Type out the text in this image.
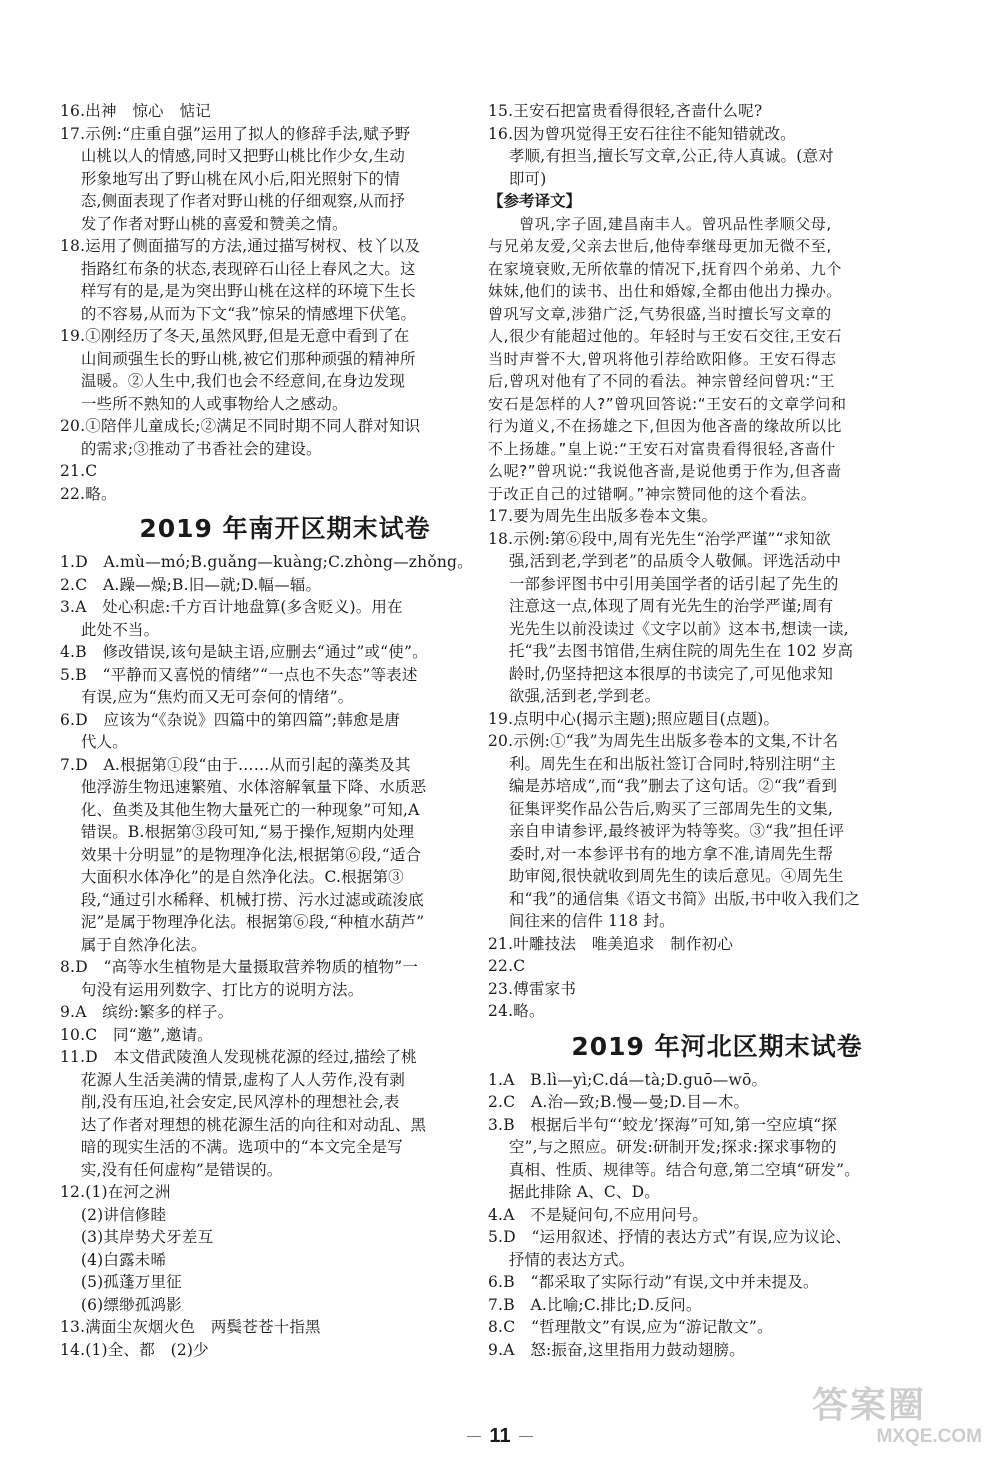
16.出神　惊心　惦记
17.示例:“庄重自强”运用了拟人的修辞手法,赋予野
　 山桃以人的情感,同时又把野山桃比作少女,生动
　 形象地写出了野山桃在风小后,阳光照射下的情
　 态,侧面表现了作者对野山桃的仔细观察,从而抒
　 发了作者对野山桃的喜爱和赞美之情。
18.运用了侧面描写的方法,通过描写树杈、枝丫以及
　 指路红布条的状态,表现碎石山径上春风之大。这
　 样写有的是,是为突出野山桃在这样的环境下生长
　 的不容易,从而为下文“我”惊呆的情感埋下伏笔。
19.①刚经历了冬天,虽然风野,但是无意中看到了在
　 山间顽强生长的野山桃,被它们那种顽强的精神所
　 温暖。②人生中,我们也会不经意间,在身边发现
　 一些所不熟知的人或事物给人之感动。
20.①陪伴儿童成长;②满足不同时期不同人群对知识
　 的需求;③推动了书香社会的建设。
21.C
22.略。
2019 年南开区期末试卷
1.D　A.mù—mó;B.guǎng—kuàng;C.zhòng—zhǒng。
2.C　A.躁—燥;B.旧—就;D.幅—辐。
3.A　处心积虑:千方百计地盘算(多含贬义)。用在
　 此处不当。
4.B　修改错误,该句是缺主语,应删去“通过”或“使”。
5.B　“平静而又喜悦的情绪”“一点也不失态”等表述
　 有误,应为“焦灼而又无可奈何的情绪”。
6.D　应该为“《杂说》四篇中的第四篇”;韩愈是唐
　 代人。
7.D　A.根据第①段“由于……从而引起的藻类及其
　 他浮游生物迅速繁殖、水体溶解氧量下降、水质恶
　 化、鱼类及其他生物大量死亡的一种现象”可知,A
　 错误。B.根据第③段可知,“易于操作,短期内处理
　 效果十分明显”的是物理净化法,根据第⑥段,“适合
　 大面积水体净化”的是自然净化法。C.根据第③
　 段,“通过引水稀释、机械打捞、污水过滤或疏浚底
　 泥”是属于物理净化法。根据第⑥段,“种植水葫芦”
　 属于自然净化法。
8.D　“高等水生植物是大量摄取营养物质的植物”一
　 句没有运用列数字、打比方的说明方法。
9.A　缤纷:繁多的样子。
10.C　同“邀”,邀请。
11.D　本文借武陵渔人发现桃花源的经过,描绘了桃
　 花源人生活美满的情景,虚构了人人劳作,没有剥
　 削,没有压迫,社会安定,民风淳朴的理想社会,表
　 达了作者对理想的桃花源生活的向往和对动乱、黑
　 暗的现实生活的不满。选项中的“本文完全是写
　 实,没有任何虚构”是错误的。
12.(1)在河之洲
　 (2)讲信修睦
　 (3)其岸势犬牙差互
　 (4)白露未晞
　 (5)孤蓬万里征
　 (6)缥缈孤鸿影
13.满面尘灰烟火色　两鬓苍苍十指黑
14.(1)全、都　(2)少
15.王安石把富贵看得很轻,吝啬什么呢?
16.因为曾巩觉得王安石往往不能知错就改。
　 孝顺,有担当,擅长写文章,公正,待人真诚。(意对
　 即可)
【参考译文】
　　曾巩,字子固,建昌南丰人。曾巩品性孝顺父母,
与兄弟友爱,父亲去世后,他侍奉继母更加无微不至,
在家境衰败,无所依靠的情况下,抚育四个弟弟、九个
妹妹,他们的读书、出仕和婚嫁,全都由他出力操办。
曾巩写文章,涉猎广泛,气势很盛,当时擅长写文章的
人,很少有能超过他的。年轻时与王安石交往,王安石
当时声誉不大,曾巩将他引荐给欧阳修。王安石得志
后,曾巩对他有了不同的看法。神宗曾经问曾巩:“王
安石是怎样的人?”曾巩回答说:“王安石的文章学问和
行为道义,不在扬雄之下,但因为他吝啬的缘故所以比
不上扬雄。”皇上说:“王安石对富贵看得很轻,吝啬什
么呢?”曾巩说:“我说他吝啬,是说他勇于作为,但吝啬
于改正自己的过错啊。”神宗赞同他的这个看法。
17.要为周先生出版多卷本文集。
18.示例:第⑥段中,周有光先生“治学严谨”“求知欲
　 强,活到老,学到老”的品质令人敬佩。评选活动中
　 一部参评图书中引用美国学者的话引起了先生的
　 注意这一点,体现了周有光先生的治学严谨;周有
　 光先生以前没读过《文字以前》这本书,想读一读,
　 托“我”去图书馆借,生病住院的周先生在 102 岁高
　 龄时,仍坚持把这本很厚的书读完了,可见他求知
　 欲强,活到老,学到老。
19.点明中心(揭示主题);照应题目(点题)。
20.示例:①“我”为周先生出版多卷本的文集,不计名
　 利。周先生在和出版社签订合同时,特别注明“主
　 编是苏培成”,而“我”删去了这句话。②“我”看到
　 征集评奖作品公告后,购买了三部周先生的文集,
　 亲自申请参评,最终被评为特等奖。③“我”担任评
　 委时,对一本参评书有的地方拿不准,请周先生帮
　 助审阅,很快就收到周先生的读后意见。④周先生
　 和“我”的通信集《语文书简》出版,书中收入我们之
　 间往来的信件 118 封。
21.叶雕技法　唯美追求　制作初心
22.C
23.傅雷家书
24.略。
2019 年河北区期末试卷
1.A　B.lì—yì;C.dá—tà;D.guō—wō。
2.C　A.治—致;B.慢—曼;D.目—木。
3.B　根据后半句“‘蛟龙’探海”可知,第一空应填“探
　 空”,与之照应。研发:研制开发;探求:探求事物的
　 真相、性质、规律等。结合句意,第二空填“研发”。
　 据此排除 A、C、D。
4.A　不是疑问句,不应用问号。
5.D　“运用叙述、抒情的表达方式”有误,应为议论、
　 抒情的表达方式。
6.B　“都采取了实际行动”有误,文中并未提及。
7.B　A.比喻;C.排比;D.反问。
8.C　“哲理散文”有误,应为“游记散文”。
9.A　怒:振奋,这里指用力鼓动翅膀。
11
答案圈
MXQE.COM
